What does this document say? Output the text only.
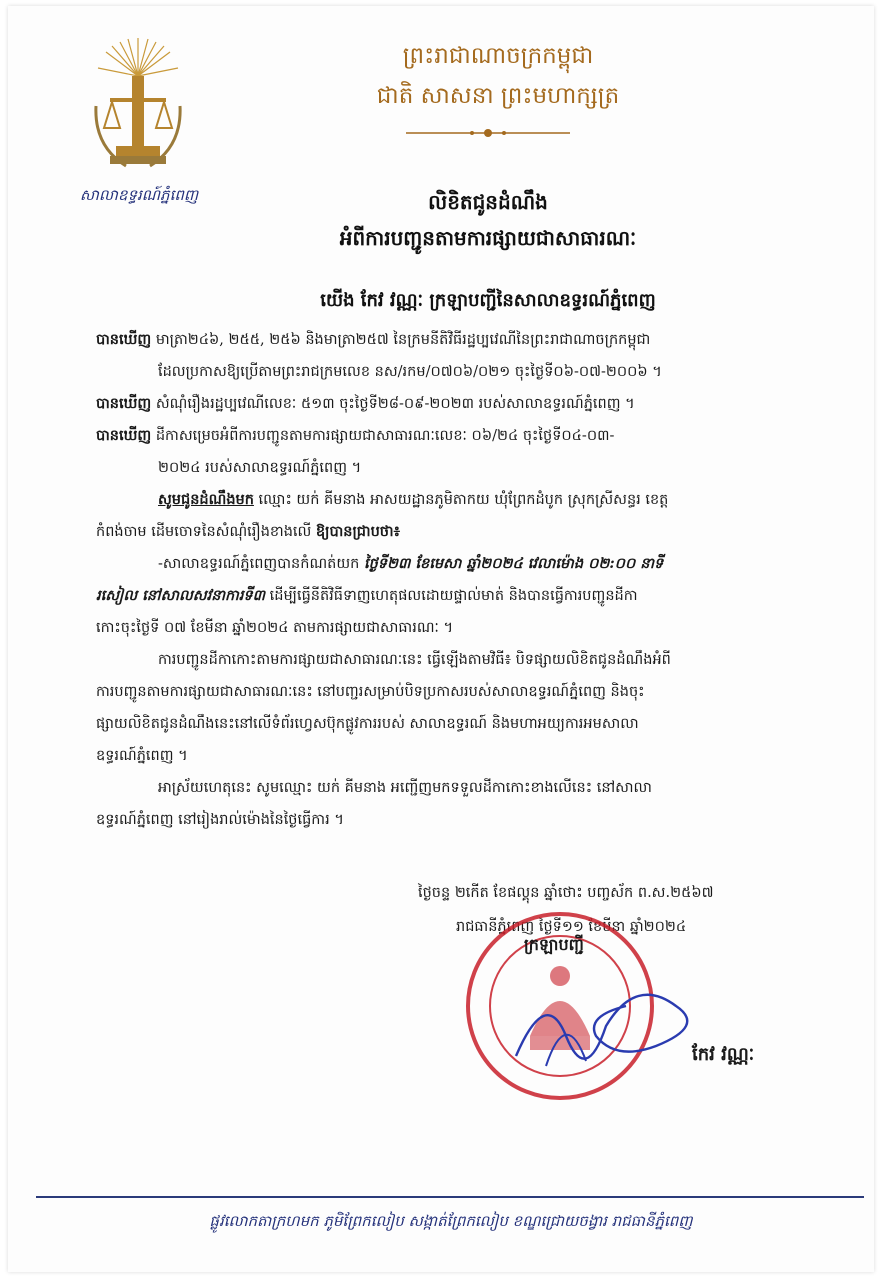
សាលាឧទ្ធរណ៍ភ្នំពេញ
ព្រះរាជាណាចក្រកម្ពុជា
ជាតិ សាសនា ព្រះមហាក្សត្រ
លិខិតជូនដំណឹង
អំពីការបញ្ជូនតាមការផ្សាយជាសាធារណៈ
យើង កែវ វណ្ណៈ ក្រឡាបញ្ជីនៃសាលាឧទ្ធរណ៍ភ្នំពេញ

បានឃើញ មាត្រា២៤៦, ២៥៥, ២៥៦ និងមាត្រា២៥៧ នៃក្រមនីតិវិធីរដ្ឋប្បវេណីនៃព្រះរាជាណាចក្រកម្ពុជា

ដែលប្រកាសឱ្យប្រើតាមព្រះរាជក្រមលេខ នស/រកម/០៧០៦/០២១ ចុះថ្ងៃទី០៦-០៧-២០០៦ ។

បានឃើញ សំណុំរឿងរដ្ឋប្បវេណីលេខៈ ៥១៣ ចុះថ្ងៃទី២៨-០៩-២០២៣ របស់សាលាឧទ្ធរណ៍ភ្នំពេញ ។

បានឃើញ ដីកាសម្រេចអំពីការបញ្ជូនតាមការផ្សាយជាសាធារណៈលេខៈ ០៦/២៤ ចុះថ្ងៃទី០៤-០៣-

២០២៤ របស់សាលាឧទ្ធរណ៍ភ្នំពេញ ។

សូមជូនដំណឹងមក ឈ្មោះ យក់ គីមនាង អាសយដ្ឋានភូមិតាកយ ឃុំព្រែកដំបូក ស្រុកស្រីសន្ធរ ខេត្ត

កំពង់ចាម ដើមចោទនៃសំណុំរឿងខាងលើ ឱ្យបានជ្រាបថា៖

-សាលាឧទ្ធរណ៍ភ្នំពេញបានកំណត់យក ថ្ងៃទី២៣ ខែមេសា ឆ្នាំ២០២៤ វេលាម៉ោង ០២:០០ នាទី

រសៀល នៅសាលសវនាការទី៣ ដើម្បីធ្វើនីតិវិធីទាញហេតុផលដោយផ្ទាល់មាត់ និងបានធ្វើការបញ្ជូនដីកា

កោះចុះថ្ងៃទី ០៧ ខែមីនា ឆ្នាំ២០២៤ តាមការផ្សាយជាសាធារណៈ ។

ការបញ្ជូនដីកាកោះតាមការផ្សាយជាសាធារណៈនេះ ធ្វើឡើងតាមវិធី៖ បិទផ្សាយលិខិតជូនដំណឹងអំពី

ការបញ្ជូនតាមការផ្សាយជាសាធារណៈនេះ នៅបញ្ជរសម្រាប់បិទប្រកាសរបស់សាលាឧទ្ធរណ៍ភ្នំពេញ និងចុះ

ផ្សាយលិខិតជូនដំណឹងនេះនៅលើទំព័រហ្វេសប៊ុកផ្លូវការរបស់ សាលាឧទ្ធរណ៍ និងមហាអយ្យការអមសាលា

ឧទ្ធរណ៍ភ្នំពេញ ។

អាស្រ័យហេតុនេះ សូមឈ្មោះ យក់ គីមនាង អញ្ជើញមកទទួលដីកាកោះខាងលើនេះ នៅសាលា

ឧទ្ធរណ៍ភ្នំពេញ នៅរៀងរាល់ម៉ោងនៃថ្ងៃធ្វើការ ។

ថ្ងៃចន្ទ ២កើត ខែផល្គុន ឆ្នាំថោះ បញ្ចស័ក ព.ស.២៥៦៧
រាជធានីភ្នំពេញ ថ្ងៃទី១១ ខែមីនា ឆ្នាំ២០២៤
ក្រឡាបញ្ជី
កែវ វណ្ណៈ
ផ្លូវលោកតាក្រហមក ភូមិព្រែកលៀប សង្កាត់ព្រែកលៀប ខណ្ឌជ្រោយចង្វារ រាជធានីភ្នំពេញ
